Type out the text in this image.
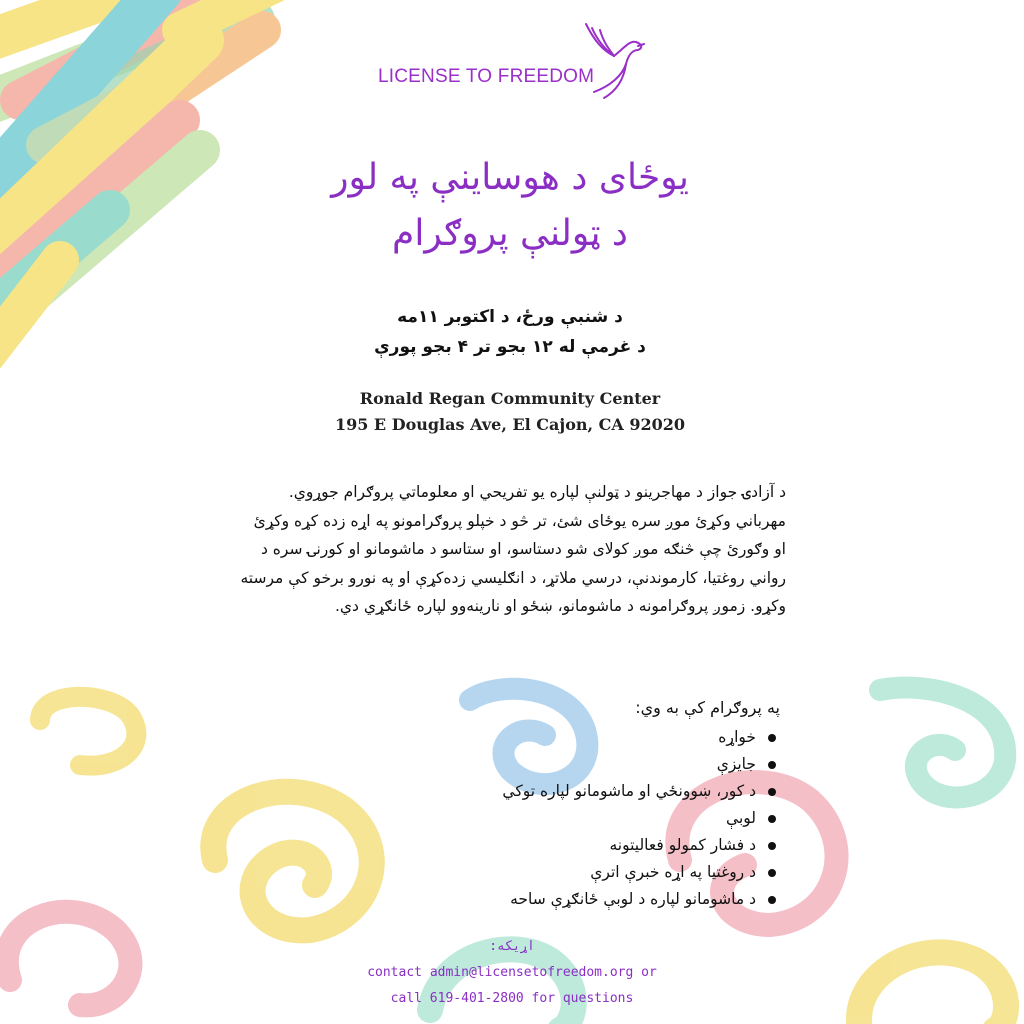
LICENSE TO FREEDOM
یوځای د هوساینې په لور
د ټولنې پروګرام
د شنبې ورځ، د اکتوبر ۱۱مه
د غرمې له ۱۲ بجو تر ۴ بجو پورې
Ronald Regan Community Center
195 E Douglas Ave, El Cajon, CA 92020
د آزادۍ جواز د مهاجرینو د ټولنې لپاره یو تفریحي او معلوماتي پروګرام جوړوي.
مهرباني وکړئ موږ سره یوځای شئ، تر څو د خپلو پروګرامونو په اړه زده کړه وکړئ او وګورئ چې څنګه موږ کولای شو دستاسو، او ستاسو د ماشومانو او کورنۍ سره د رواني روغتیا، کارموندنې، درسي ملاتړ، د انګلیسي زده‌کړې او په نورو برخو کې مرسته وکړو. زموږ پروګرامونه د ماشومانو، ښځو او نارینه‌وو لپاره ځانګړي دي.
په پروګرام کې به وي:
خواړه
جایزې
د کور، ښوونځي او ماشومانو لپاره توکي
لوبې
د فشار کمولو فعالیتونه
د روغتیا په اړه خبرې اترې
د ماشومانو لپاره د لوبې ځانګړې ساحه
اړیکه:
contact admin@licensetofreedom.org or
call 619-401-2800 for questions
